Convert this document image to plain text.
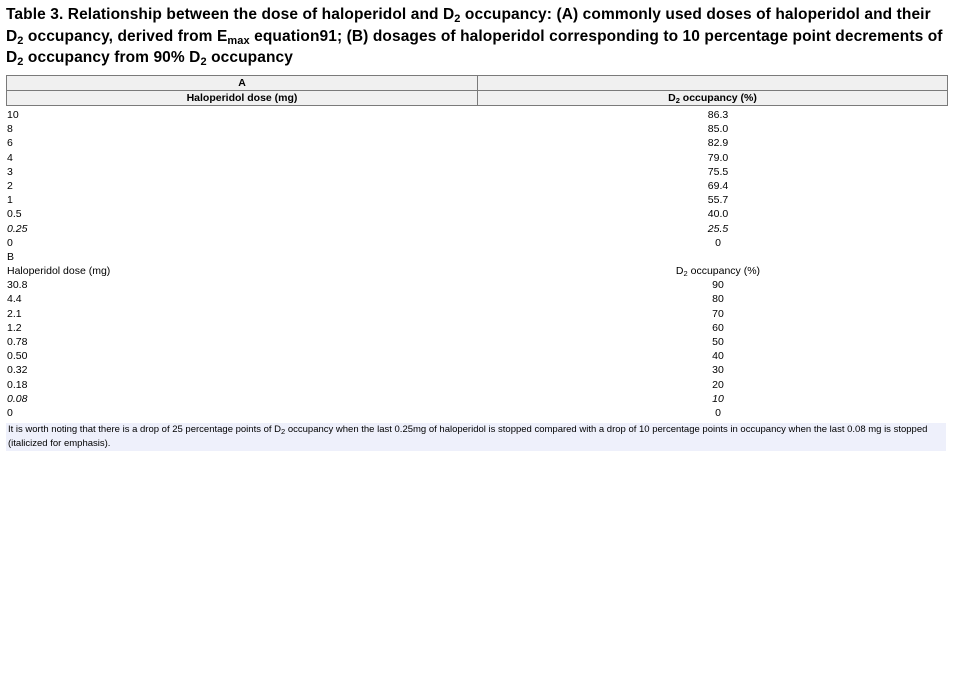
Table 3. Relationship between the dose of haloperidol and $D_2$ occupancy: (A) commonly used doses of haloperidol and their $D_2$ occupancy, derived from $E_{max}$ equation91; (B) dosages of haloperidol corresponding to 10 percentage point decrements of $D_2$ occupancy from 90% $D_2$ occupancy
A	
Haloperidol dose (mg)	$D_2$ occupancy (%)
10	86.3
8	85.0
6	82.9
4	79.0
3	75.5
2	69.4
1	55.7
0.5	40.0
0.25	25.5
0	0
B
Haloperidol dose (mg)	$D_2$ occupancy (%)
30.8	90
4.4	80
2.1	70
1.2	60
0.78	50
0.50	40
0.32	30
0.18	20
0.08	10
0	0
It is worth noting that there is a drop of 25 percentage points of $D_2$ occupancy when the last 0.25mg of haloperidol is stopped compared with a drop of 10 percentage points in occupancy when the last 0.08 mg is stopped (italicized for emphasis).
